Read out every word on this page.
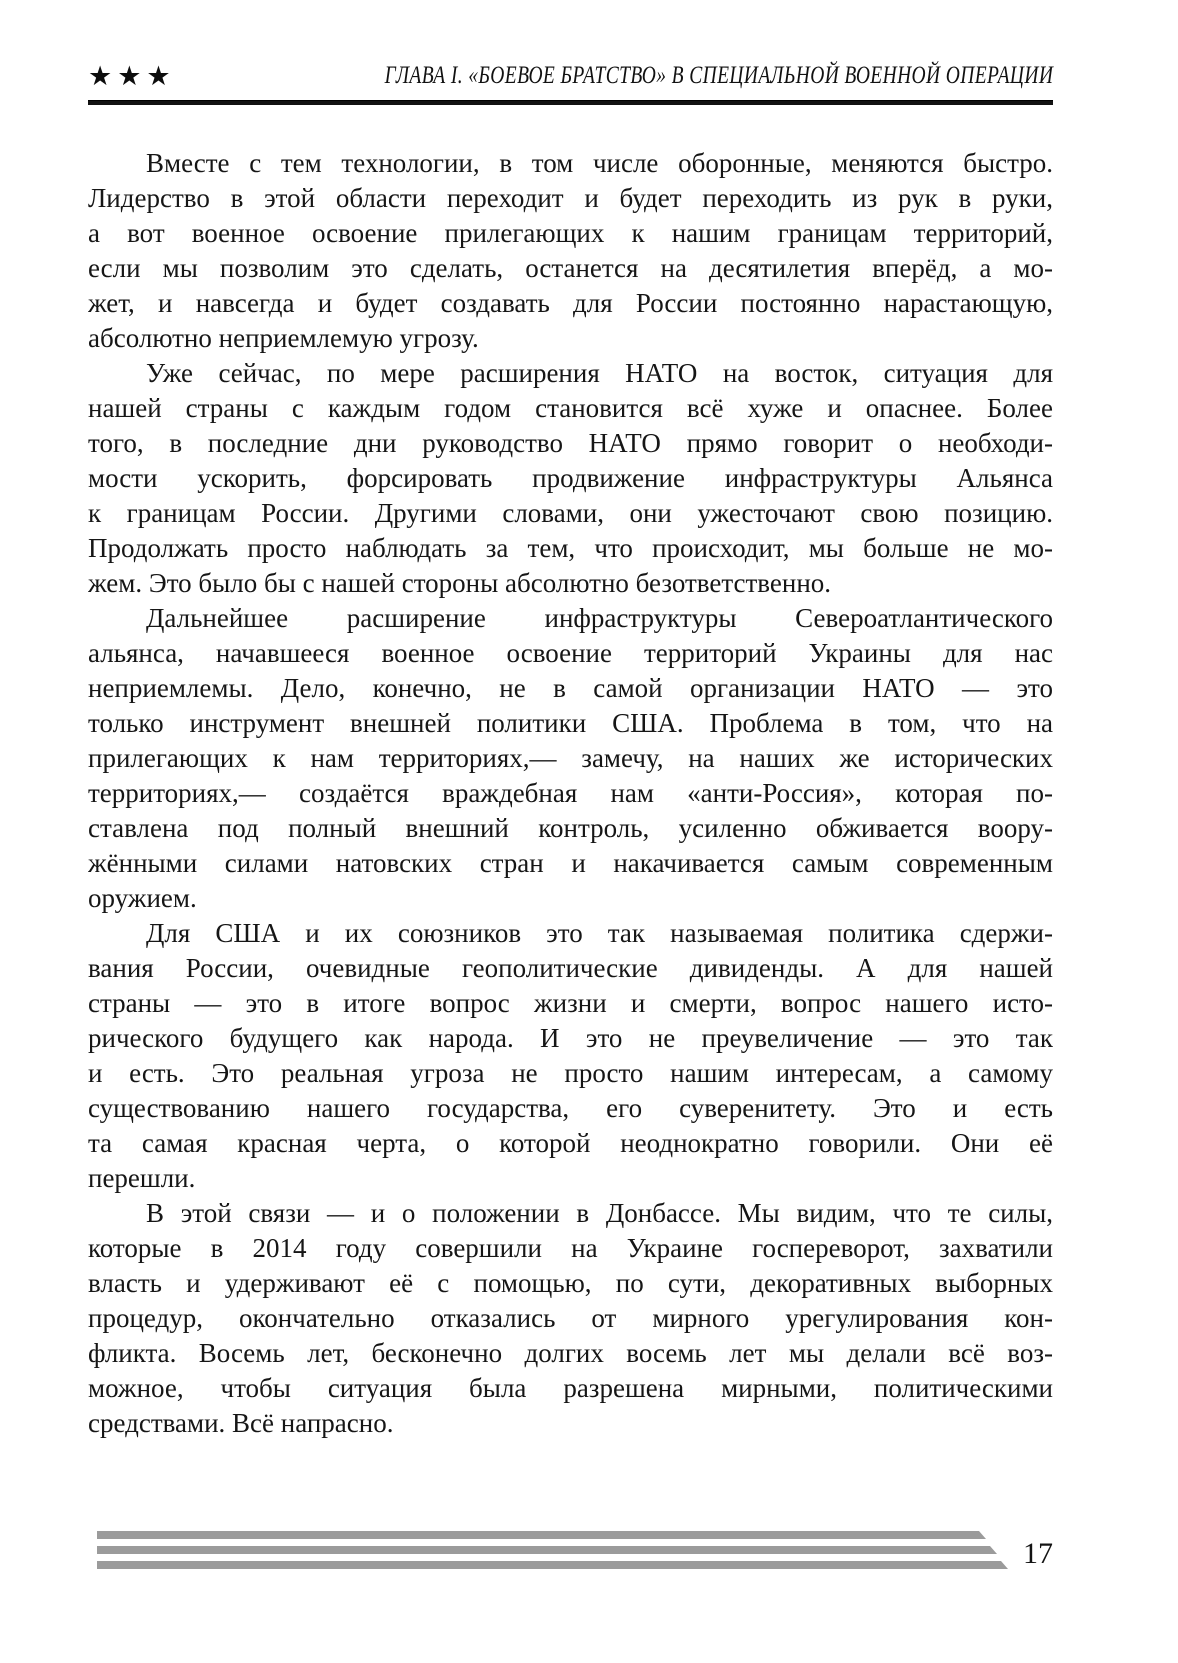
★★★	ГЛАВА I. «БОЕВОЕ БРАТСТВО» В СПЕЦИАЛЬНОЙ ВОЕННОЙ ОПЕРАЦИИ
Вместе с тем технологии, в том числе оборонные, меняются быстро.
Лидерство в этой области переходит и будет переходить из рук в руки,
а вот военное освоение прилегающих к нашим границам территорий,
если мы позволим это сделать, останется на десятилетия вперёд, а мо-
жет, и навсегда и будет создавать для России постоянно нарастающую,
абсолютно неприемлемую угрозу.
Уже сейчас, по мере расширения НАТО на восток, ситуация для
нашей страны с каждым годом становится всё хуже и опаснее. Более
того, в последние дни руководство НАТО прямо говорит о необходи-
мости ускорить, форсировать продвижение инфраструктуры Альянса
к границам России. Другими словами, они ужесточают свою позицию.
Продолжать просто наблюдать за тем, что происходит, мы больше не мо-
жем. Это было бы с нашей стороны абсолютно безответственно.
Дальнейшее расширение инфраструктуры Североатлантического
альянса, начавшееся военное освоение территорий Украины для нас
неприемлемы. Дело, конечно, не в самой организации НАТО — это
только инструмент внешней политики США. Проблема в том, что на
прилегающих к нам территориях,— замечу, на наших же исторических
территориях,— создаётся враждебная нам «анти-Россия», которая по-
ставлена под полный внешний контроль, усиленно обживается воору-
жёнными силами натовских стран и накачивается самым современным
оружием.
Для США и их союзников это так называемая политика сдержи-
вания России, очевидные геополитические дивиденды. А для нашей
страны — это в итоге вопрос жизни и смерти, вопрос нашего исто-
рического будущего как народа. И это не преувеличение — это так
и есть. Это реальная угроза не просто нашим интересам, а самому
существованию нашего государства, его суверенитету. Это и есть
та самая красная черта, о которой неоднократно говорили. Они её
перешли.
В этой связи — и о положении в Донбассе. Мы видим, что те силы,
которые в 2014 году совершили на Украине госпереворот, захватили
власть и удерживают её с помощью, по сути, декоративных выборных
процедур, окончательно отказались от мирного урегулирования кон-
фликта. Восемь лет, бесконечно долгих восемь лет мы делали всё воз-
можное, чтобы ситуация была разрешена мирными, политическими
средствами. Всё напрасно.
17
